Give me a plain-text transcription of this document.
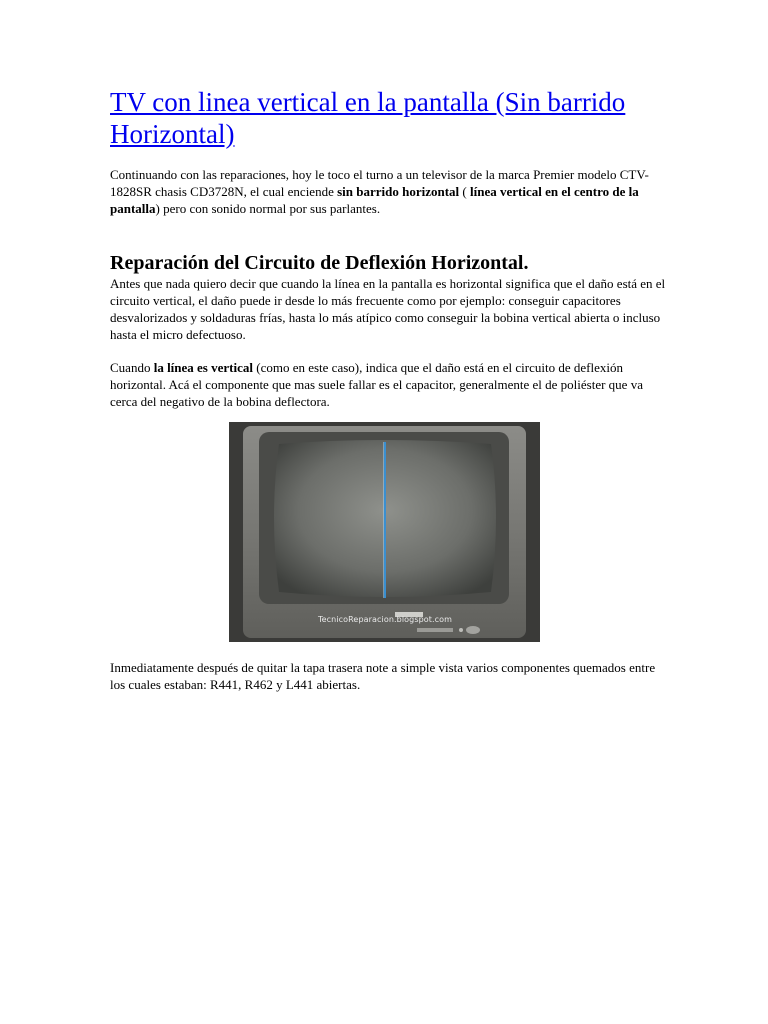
TV con linea vertical en la pantalla (Sin barrido Horizontal)

Continuando con las reparaciones, hoy le toco el turno a un televisor de la marca Premier modelo CTV-1828SR chasis CD3728N, el cual enciende sin barrido horizontal ( línea vertical en el centro de la pantalla) pero con sonido normal por sus parlantes.

Reparación del Circuito de Deflexión Horizontal.

Antes que nada quiero decir que cuando la línea en la pantalla es horizontal significa que el daño está en el circuito vertical, el daño puede ir desde lo más frecuente como por ejemplo: conseguir capacitores desvalorizados y soldaduras frías, hasta lo más atípico como conseguir la bobina vertical abierta o incluso hasta el micro defectuoso.

Cuando la línea es vertical (como en este caso), indica que el daño está en el circuito de deflexión horizontal. Acá el componente que mas suele fallar es el capacitor, generalmente el de poliéster que va cerca del negativo de la bobina deflectora.

TecnicoReparacion.blogspot.com

Inmediatamente después de quitar la tapa trasera note a simple vista varios componentes quemados entre los cuales estaban: R441, R462 y L441 abiertas.
